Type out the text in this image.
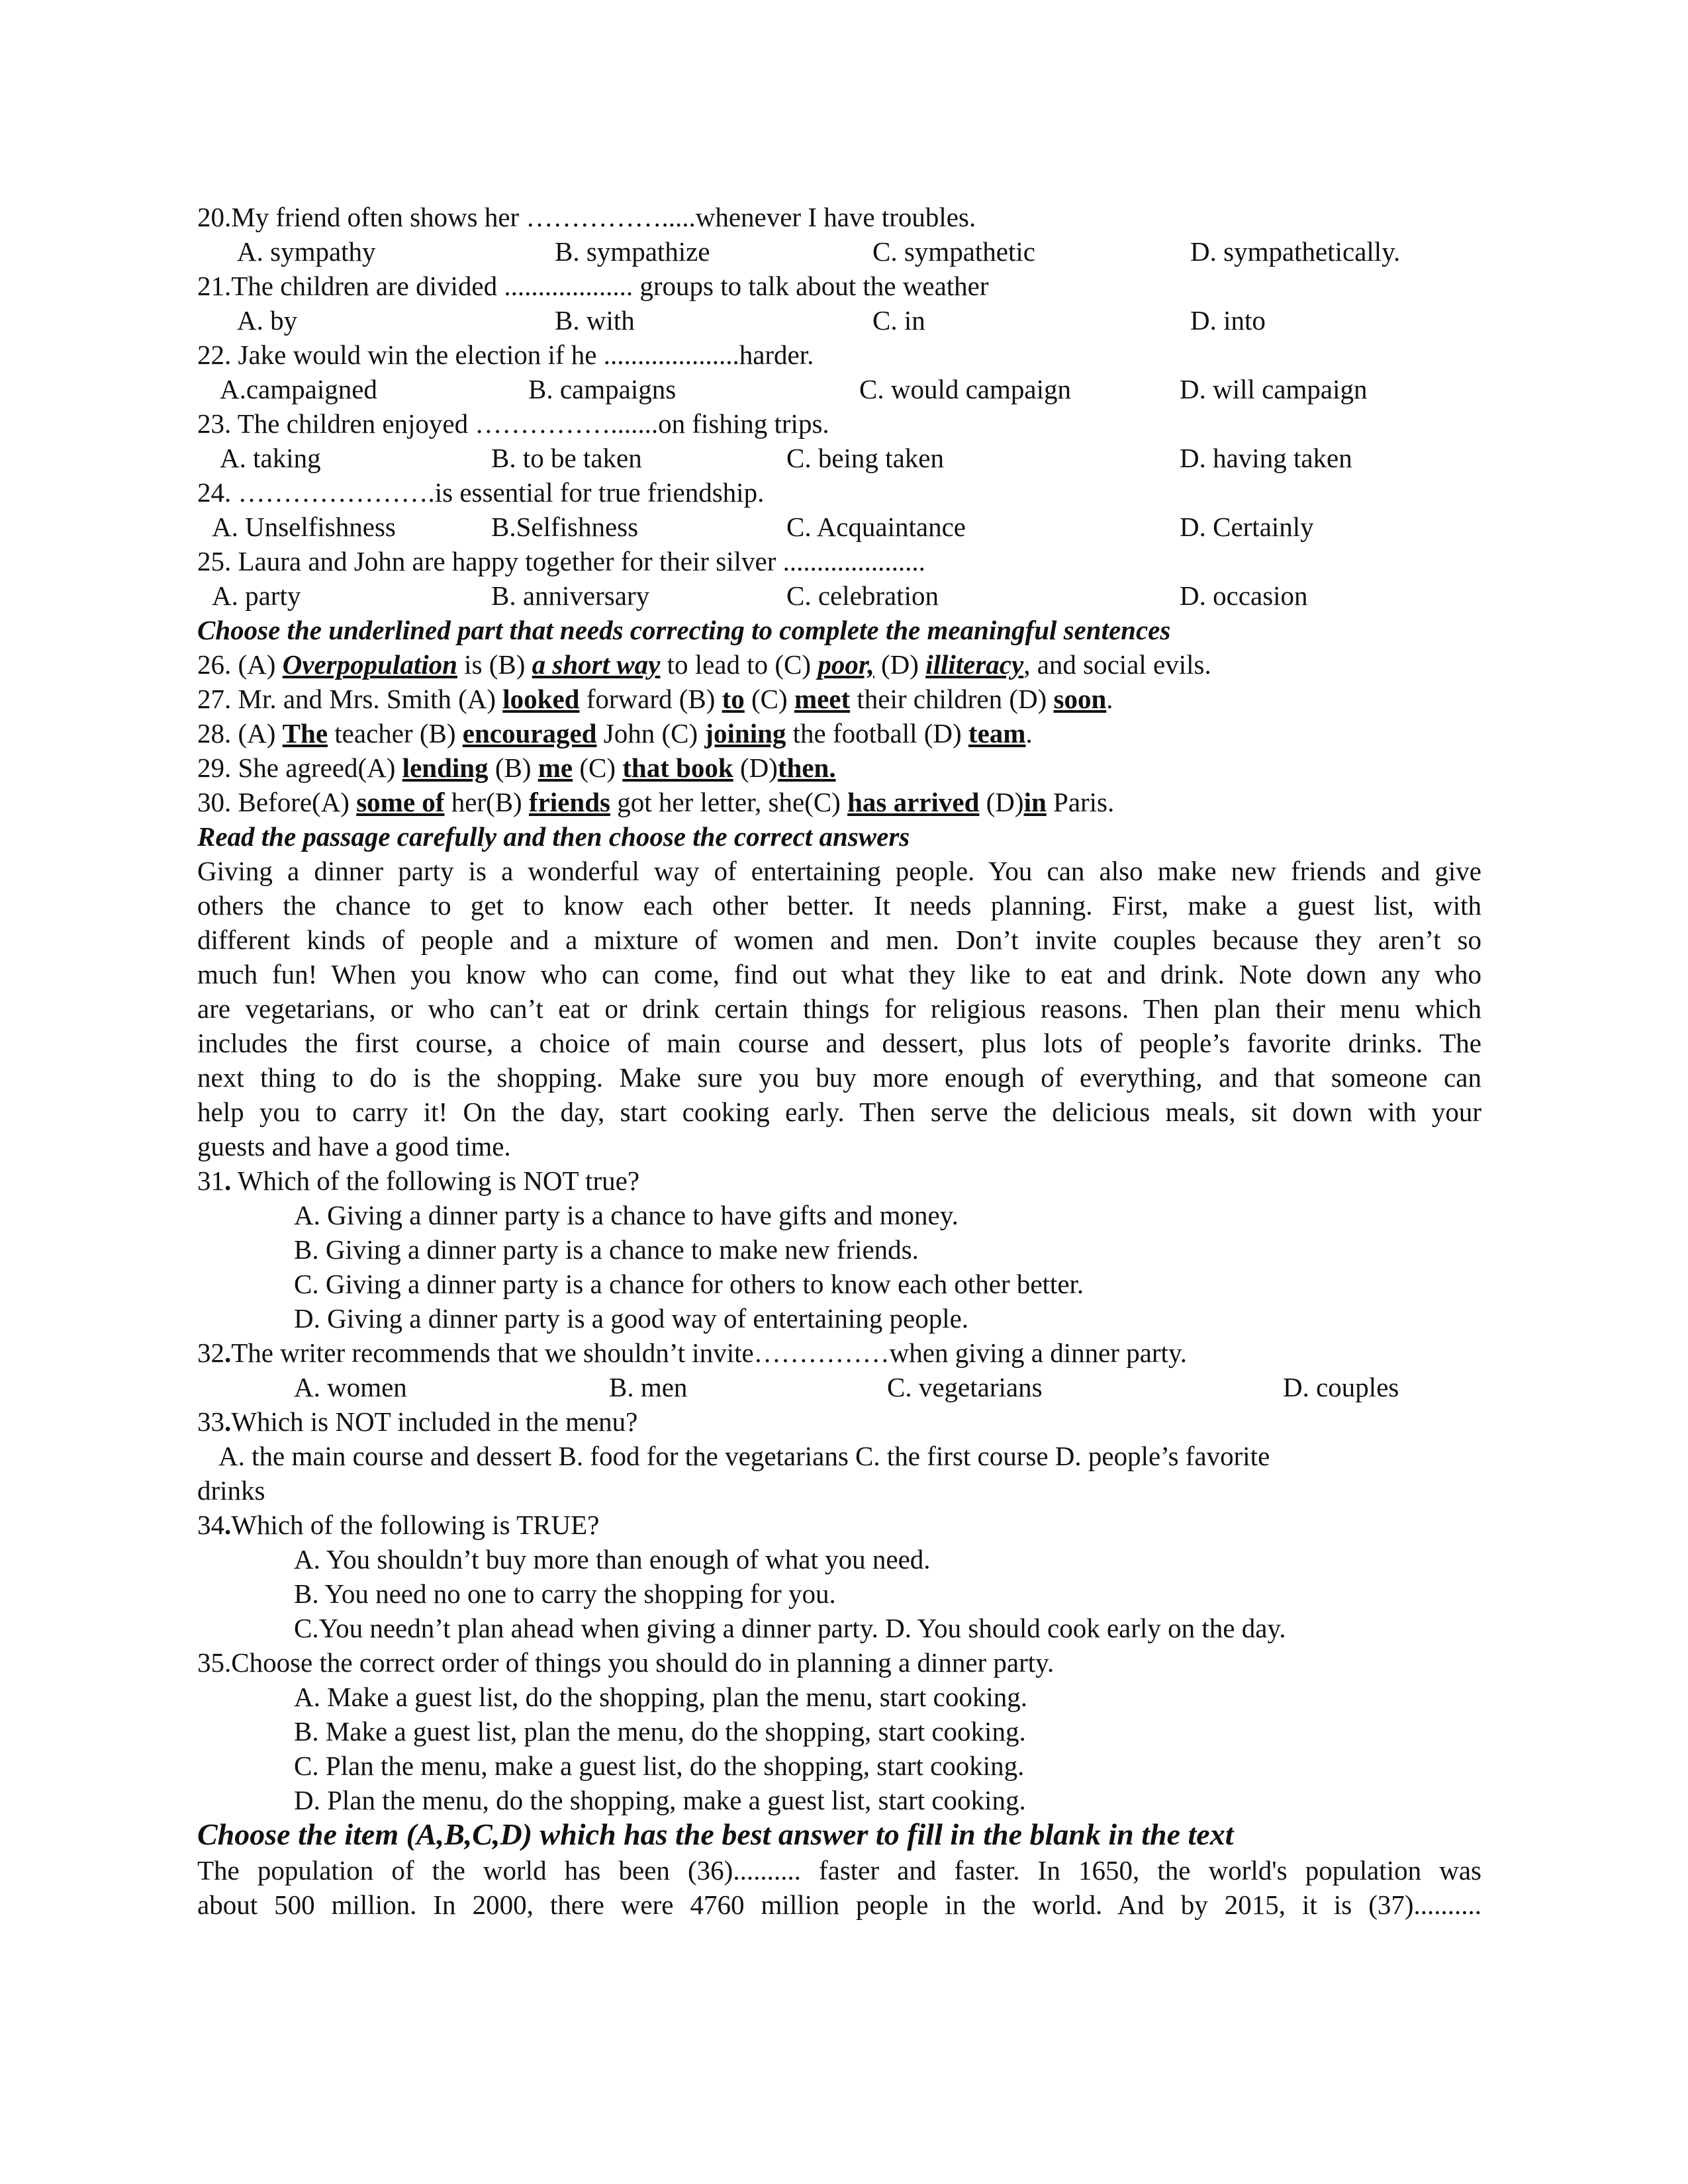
20.My friend often shows her …………….....whenever I have troubles.
A. sympathy	B. sympathize	C. sympathetic	D. sympathetically.
21.The children are divided ................... groups to talk about the weather
A. by	B. with	C. in	D. into
22. Jake would win the election if he ....................harder.
A.campaigned	B. campaigns	C. would campaign	D. will campaign
23. The children enjoyed …………….......on fishing trips.
A. taking	B. to be taken	C. being taken	D. having taken
24. ………………….is essential for true friendship.
A. Unselfishness	B.Selfishness	C. Acquaintance	D. Certainly
25. Laura and John are happy together for their silver .....................
A. party	B. anniversary	C. celebration	D. occasion
Choose the underlined part that needs correcting to complete the meaningful sentences
26. (A) Overpopulation is (B) a short way to lead to (C) poor, (D) illiteracy, and social evils.
27. Mr. and Mrs. Smith (A) looked forward (B) to (C) meet their children (D) soon.
28. (A) The teacher (B) encouraged John (C) joining the football (D) team.
29. She agreed(A) lending (B) me (C) that book (D)then.
30. Before(A) some of her(B) friends got her letter, she(C) has arrived (D)in Paris.
Read the passage carefully and then choose the correct answers
Giving a dinner party is a wonderful way of entertaining people. You can also make new friends and give
others the chance to get to know each other better. It needs planning. First, make a guest list, with
different kinds of people and a mixture of women and men. Don’t invite couples because they aren’t so
much fun! When you know who can come, find out what they like to eat and drink. Note down any who
are vegetarians, or who can’t eat or drink certain things for religious reasons. Then plan their menu which
includes the first course, a choice of main course and dessert, plus lots of people’s favorite drinks. The
next thing to do is the shopping. Make sure you buy more enough of everything, and that someone can
help you to carry it! On the day, start cooking early. Then serve the delicious meals, sit down with your
guests and have a good time.
31. Which of the following is NOT true?
A. Giving a dinner party is a chance to have gifts and money.
B. Giving a dinner party is a chance to make new friends.
C. Giving a dinner party is a chance for others to know each other better.
D. Giving a dinner party is a good way of entertaining people.
32.The writer recommends that we shouldn’t invite……………when giving a dinner party.
A. women	B. men	C. vegetarians	D. couples
33.Which is NOT included in the menu?
A. the main course and dessert B. food for the vegetarians C. the first course D. people’s favorite
drinks
34.Which of the following is TRUE?
A. You shouldn’t buy more than enough of what you need.
B. You need no one to carry the shopping for you.
C.You needn’t plan ahead when giving a dinner party. D. You should cook early on the day.
35.Choose the correct order of things you should do in planning a dinner party.
A. Make a guest list, do the shopping, plan the menu, start cooking.
B. Make a guest list, plan the menu, do the shopping, start cooking.
C. Plan the menu, make a guest list, do the shopping, start cooking.
D. Plan the menu, do the shopping, make a guest list, start cooking.
Choose the item (A,B,C,D) which has the best answer to fill in the blank in the text
The population of the world has been (36).......... faster and faster. In 1650, the world's population was
about 500 million. In 2000, there were 4760 million people in the world. And by 2015, it is (37)..........
